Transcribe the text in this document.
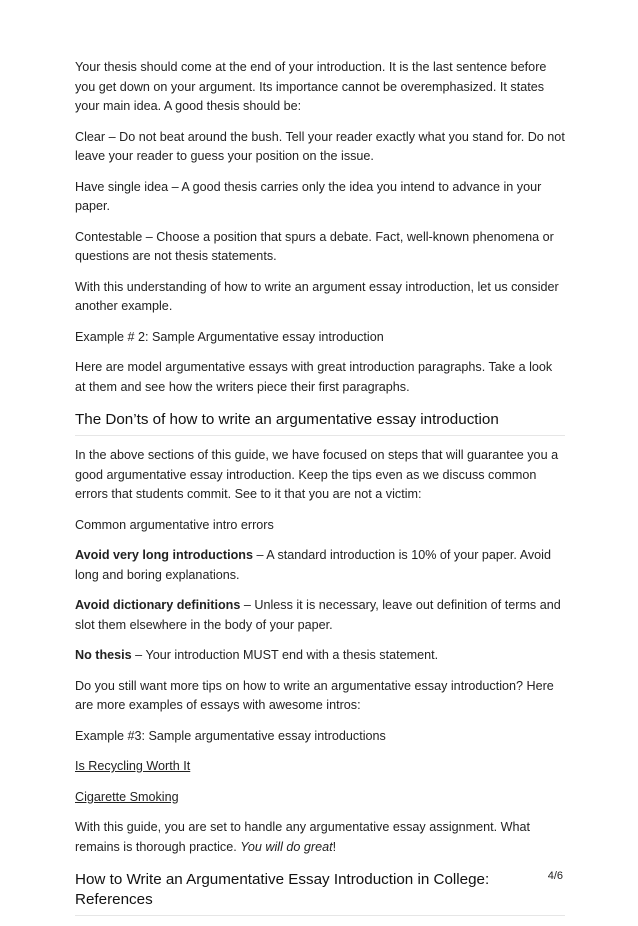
Your thesis should come at the end of your introduction. It is the last sentence before you get down on your argument. Its importance cannot be overemphasized. It states your main idea. A good thesis should be:

Clear – Do not beat around the bush. Tell your reader exactly what you stand for. Do not leave your reader to guess your position on the issue.

Have single idea – A good thesis carries only the idea you intend to advance in your paper.

Contestable – Choose a position that spurs a debate. Fact, well-known phenomena or questions are not thesis statements.

With this understanding of how to write an argument essay introduction, let us consider another example.

Example # 2: Sample Argumentative essay introduction

Here are model argumentative essays with great introduction paragraphs. Take a look at them and see how the writers piece their first paragraphs.

The Don’ts of how to write an argumentative essay introduction

In the above sections of this guide, we have focused on steps that will guarantee you a good argumentative essay introduction. Keep the tips even as we discuss common errors that students commit. See to it that you are not a victim:

Common argumentative intro errors

Avoid very long introductions – A standard introduction is 10% of your paper. Avoid long and boring explanations.

Avoid dictionary definitions – Unless it is necessary, leave out definition of terms and slot them elsewhere in the body of your paper.

No thesis – Your introduction MUST end with a thesis statement.

Do you still want more tips on how to write an argumentative essay introduction? Here are more examples of essays with awesome intros:

Example #3: Sample argumentative essay introductions

Is Recycling Worth It

Cigarette Smoking

With this guide, you are set to handle any argumentative essay assignment. What remains is thorough practice. You will do great!

How to Write an Argumentative Essay Introduction in College: References
4/6
